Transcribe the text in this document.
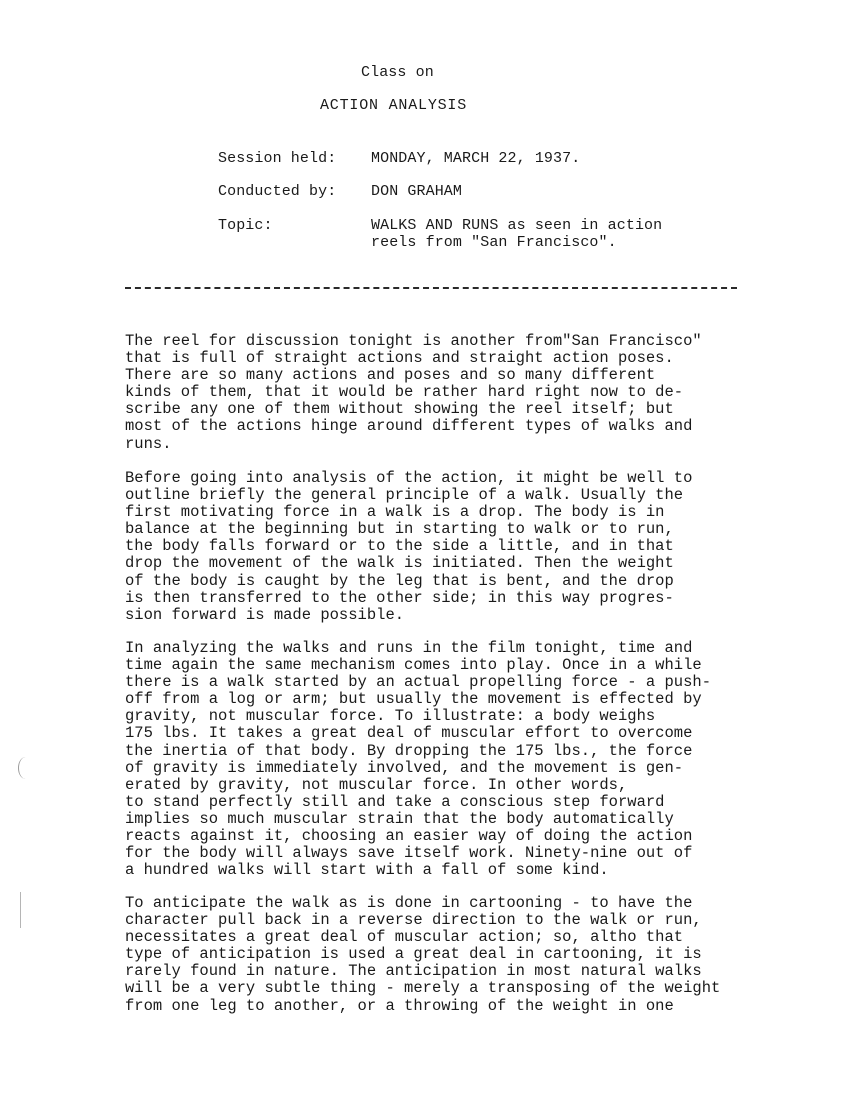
Class on
ACTION ANALYSIS
Session held: MONDAY, MARCH 22, 1937.
Conducted by: DON GRAHAM
Topic:	WALKS AND RUNS as seen in action
reels from "San Francisco".
The reel for discussion tonight is another from"San Francisco"
that is full of straight actions and straight action poses.
There are so many actions and poses and so many different
kinds of them, that it would be rather hard right now to de-
scribe any one of them without showing the reel itself; but
most of the actions hinge around different types of walks and
runs.
Before going into analysis of the action, it might be well to
outline briefly the general principle of a walk. Usually the
first motivating force in a walk is a drop. The body is in
balance at the beginning but in starting to walk or to run,
the body falls forward or to the side a little, and in that
drop the movement of the walk is initiated. Then the weight
of the body is caught by the leg that is bent, and the drop
is then transferred to the other side; in this way progres-
sion forward is made possible.
In analyzing the walks and runs in the film tonight, time and
time again the same mechanism comes into play. Once in a while
there is a walk started by an actual propelling force - a push-
off from a log or arm; but usually the movement is effected by
gravity, not muscular force. To illustrate: a body weighs
175 lbs. It takes a great deal of muscular effort to overcome
the inertia of that body. By dropping the 175 lbs., the force
of gravity is immediately involved, and the movement is gen-
erated by gravity, not muscular force. In other words,
to stand perfectly still and take a conscious step forward
implies so much muscular strain that the body automatically
reacts against it, choosing an easier way of doing the action
for the body will always save itself work. Ninety-nine out of
a hundred walks will start with a fall of some kind.
To anticipate the walk as is done in cartooning - to have the
character pull back in a reverse direction to the walk or run,
necessitates a great deal of muscular action; so, altho that
type of anticipation is used a great deal in cartooning, it is
rarely found in nature. The anticipation in most natural walks
will be a very subtle thing - merely a transposing of the weight
from one leg to another, or a throwing of the weight in one
